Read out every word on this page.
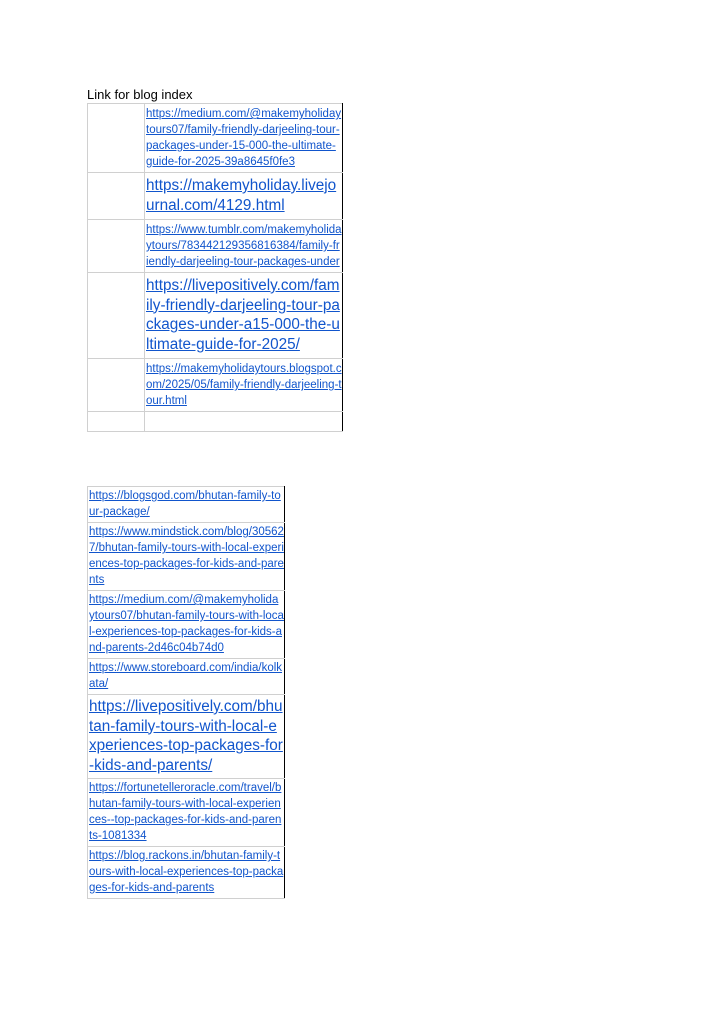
Link for blog index

	https://medium.com/@makemyholidaytours07/family-friendly-darjeeling-tour-packages-under-15-000-the-ultimate-guide-for-2025-39a8645f0fe3

	https://makemyholiday.livejournal.com/4129.html

	https://www.tumblr.com/makemyholidaytours/783442129356816384/family-friendly-darjeeling-tour-packages-under

	https://livepositively.com/family-friendly-darjeeling-tour-packages-under-a15-000-the-ultimate-guide-for-2025/

	https://makemyholidaytours.blogspot.com/2025/05/family-friendly-darjeeling-tour.html

https://blogsgod.com/bhutan-family-tour-package/

https://www.mindstick.com/blog/305627/bhutan-family-tours-with-local-experiences-top-packages-for-kids-and-parents

https://medium.com/@makemyholidaytours07/bhutan-family-tours-with-local-experiences-top-packages-for-kids-and-parents-2d46c04b74d0

https://www.storeboard.com/india/kolkata/

https://livepositively.com/bhutan-family-tours-with-local-experiences-top-packages-for-kids-and-parents/

https://fortunetelleroracle.com/travel/bhutan-family-tours-with-local-experiences--top-packages-for-kids-and-parents-1081334

https://blog.rackons.in/bhutan-family-tours-with-local-experiences-top-packages-for-kids-and-parents
